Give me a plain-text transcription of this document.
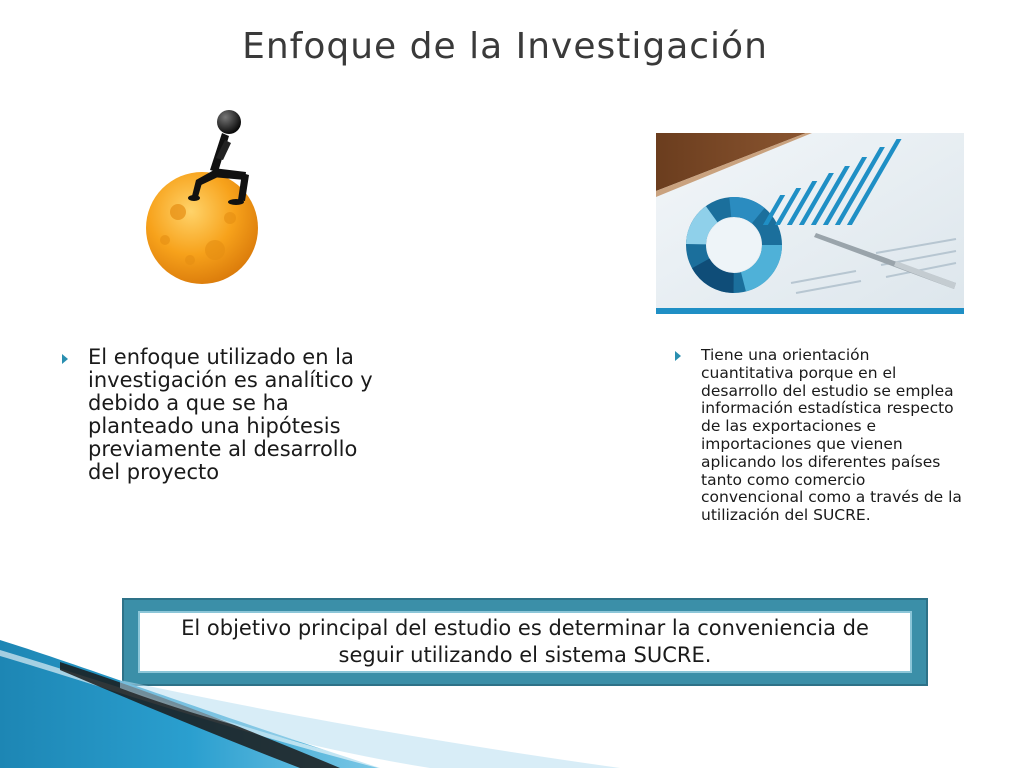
Enfoque de la Investigación
El enfoque utilizado en la investigación es analítico y debido a que se ha planteado una hipótesis previamente al desarrollo del proyecto
Tiene una orientación cuantitativa porque en el desarrollo del estudio se emplea información estadística respecto de las exportaciones e importaciones que vienen aplicando los diferentes países tanto como comercio convencional como a través de la utilización del SUCRE.
El objetivo principal del estudio es determinar la conveniencia de seguir utilizando el sistema SUCRE.
